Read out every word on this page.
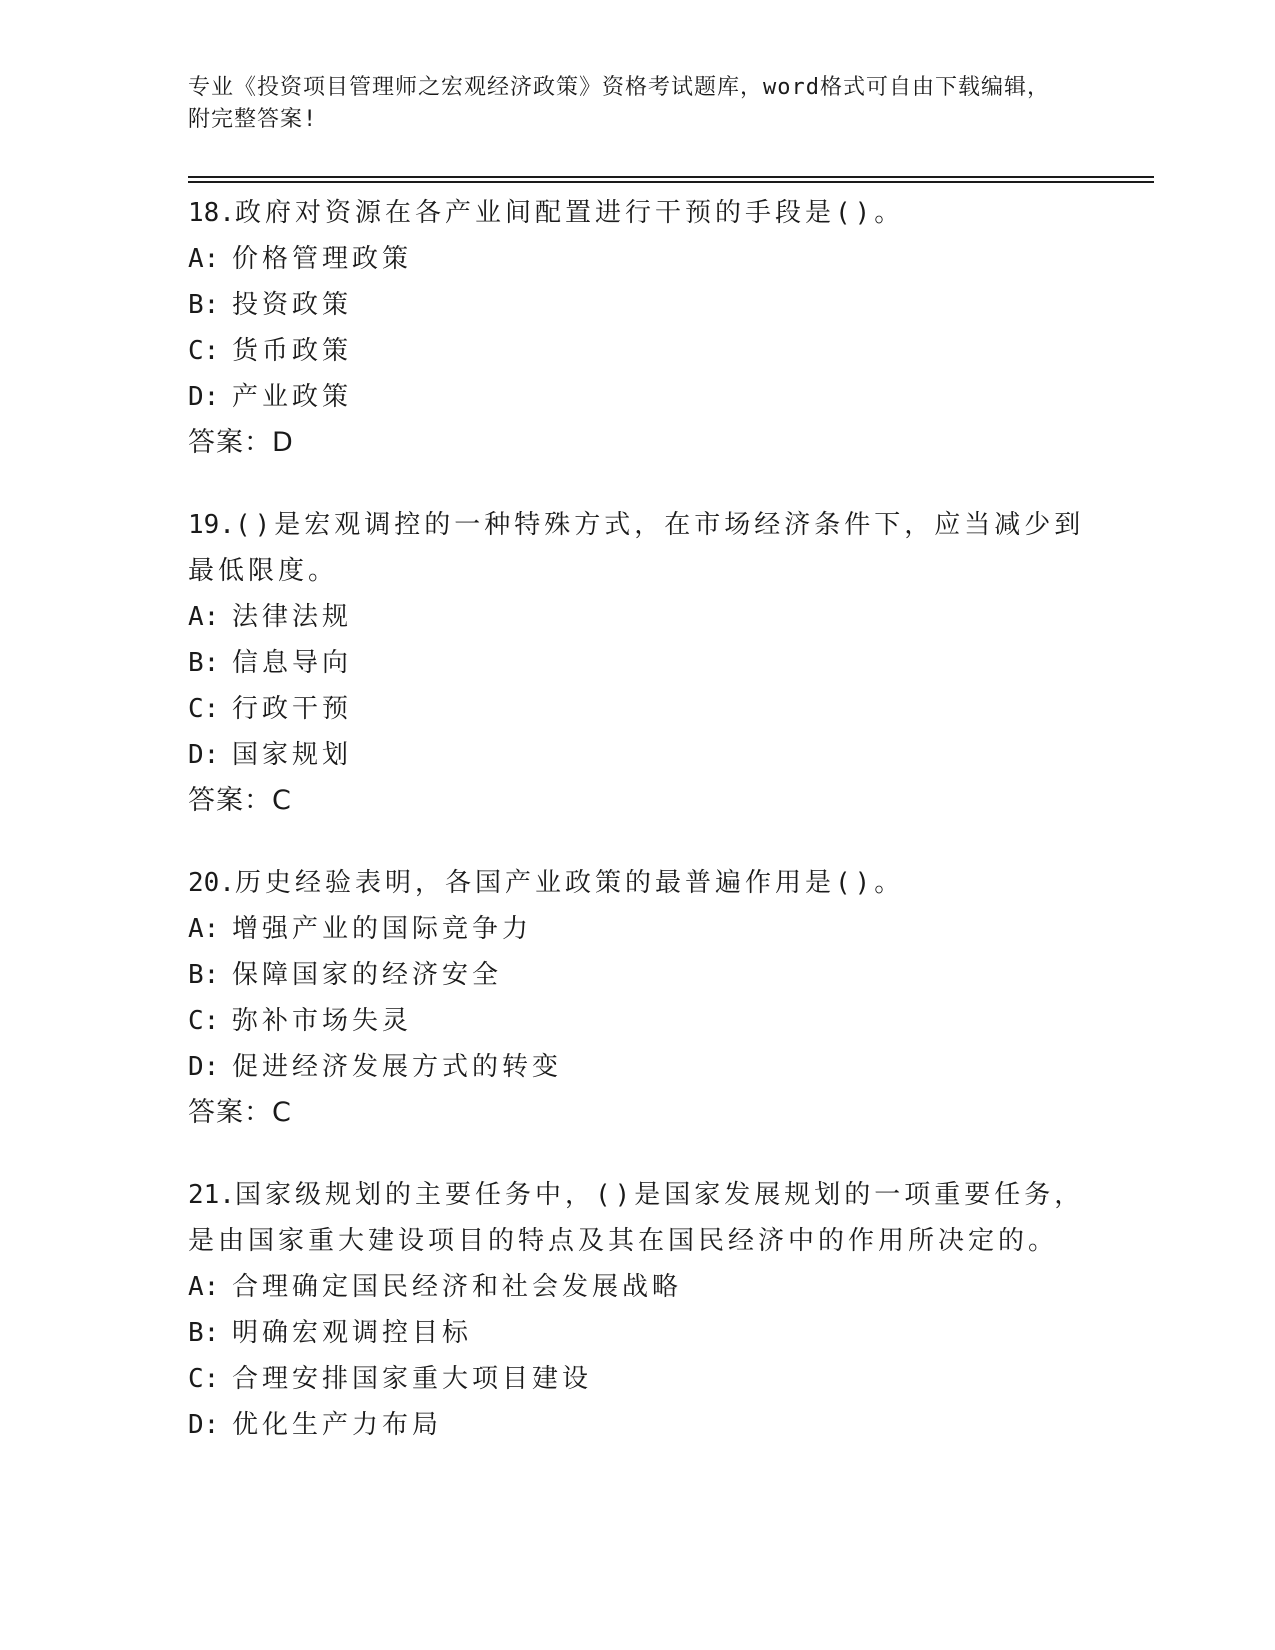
专业《投资项目管理师之宏观经济政策》资格考试题库，word格式可自由下载编辑，附完整答案!

18.政府对资源在各产业间配置进行干预的手段是()。

A: 价格管理政策

B: 投资政策

C: 货币政策

D: 产业政策

答案：D

19.()是宏观调控的一种特殊方式，在市场经济条件下，应当减少到最低限度。

A: 法律法规

B: 信息导向

C: 行政干预

D: 国家规划

答案：C

20.历史经验表明，各国产业政策的最普遍作用是()。

A: 增强产业的国际竞争力

B: 保障国家的经济安全

C: 弥补市场失灵

D: 促进经济发展方式的转变

答案：C

21.国家级规划的主要任务中，()是国家发展规划的一项重要任务，是由国家重大建设项目的特点及其在国民经济中的作用所决定的。

A: 合理确定国民经济和社会发展战略

B: 明确宏观调控目标

C: 合理安排国家重大项目建设

D: 优化生产力布局
